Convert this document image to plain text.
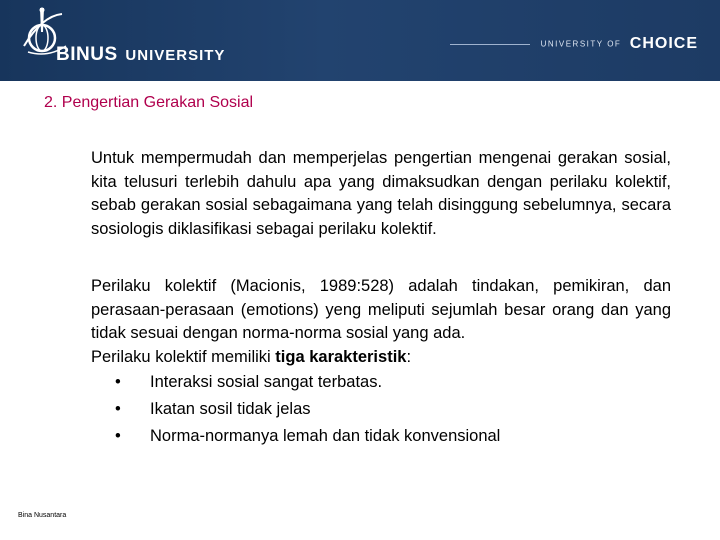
BINUS UNIVERSITY
UNIVERSITY OF CHOICE
2. Pengertian Gerakan Sosial

Untuk mempermudah dan memperjelas pengertian mengenai gerakan sosial, kita telusuri terlebih dahulu apa yang dimaksudkan dengan perilaku kolektif, sebab gerakan sosial sebagaimana yang telah disinggung sebelumnya, secara sosiologis diklasifikasi sebagai perilaku kolektif.

Perilaku kolektif (Macionis, 1989:528) adalah tindakan, pemikiran, dan perasaan-perasaan (emotions) yeng meliputi sejumlah besar orang dan yang tidak sesuai dengan norma-norma sosial yang ada.

Perilaku kolektif memiliki tiga karakteristik:

• Interaksi sosial sangat terbatas.
• Ikatan sosil tidak jelas
• Norma-normanya lemah dan tidak konvensional
Bina Nusantara
